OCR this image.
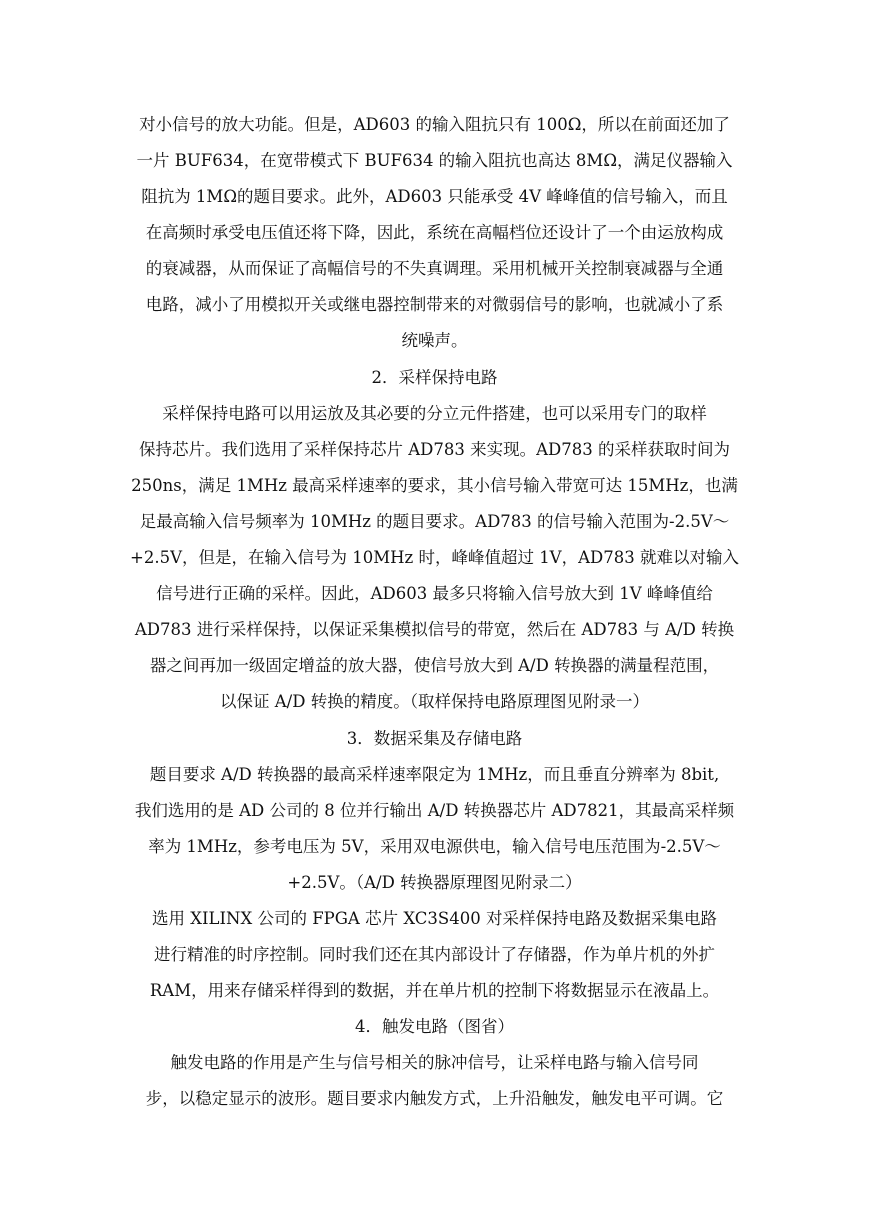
对小信号的放大功能。但是，AD603 的输入阻抗只有 100Ω，所以在前面还加了
一片 BUF634，在宽带模式下 BUF634 的输入阻抗也高达 8MΩ，满足仪器输入
阻抗为 1MΩ的题目要求。此外，AD603 只能承受 4V 峰峰值的信号输入，而且
在高频时承受电压值还将下降，因此，系统在高幅档位还设计了一个由运放构成
的衰减器，从而保证了高幅信号的不失真调理。采用机械开关控制衰减器与全通
电路，减小了用模拟开关或继电器控制带来的对微弱信号的影响，也就减小了系
统噪声。
2．采样保持电路
采样保持电路可以用运放及其必要的分立元件搭建，也可以采用专门的取样
保持芯片。我们选用了采样保持芯片 AD783 来实现。AD783 的采样获取时间为
250ns，满足 1MHz 最高采样速率的要求，其小信号输入带宽可达 15MHz，也满
足最高输入信号频率为 10MHz 的题目要求。AD783 的信号输入范围为-2.5V～
+2.5V，但是，在输入信号为 10MHz 时，峰峰值超过 1V，AD783 就难以对输入
信号进行正确的采样。因此，AD603 最多只将输入信号放大到 1V 峰峰值给
AD783 进行采样保持，以保证采集模拟信号的带宽，然后在 AD783 与 A/D 转换
器之间再加一级固定增益的放大器，使信号放大到 A/D 转换器的满量程范围，
以保证 A/D 转换的精度。（取样保持电路原理图见附录一）
3．数据采集及存储电路
题目要求 A/D 转换器的最高采样速率限定为 1MHz，而且垂直分辨率为 8bit,
我们选用的是 AD 公司的 8 位并行输出 A/D 转换器芯片 AD7821，其最高采样频
率为 1MHz，参考电压为 5V，采用双电源供电，输入信号电压范围为-2.5V～
+2.5V。（A/D 转换器原理图见附录二）
选用 XILINX 公司的 FPGA 芯片 XC3S400 对采样保持电路及数据采集电路
进行精准的时序控制。同时我们还在其内部设计了存储器，作为单片机的外扩
RAM，用来存储采样得到的数据，并在单片机的控制下将数据显示在液晶上。
4．触发电路（图省）
触发电路的作用是产生与信号相关的脉冲信号，让采样电路与输入信号同
步，以稳定显示的波形。题目要求内触发方式，上升沿触发，触发电平可调。它
